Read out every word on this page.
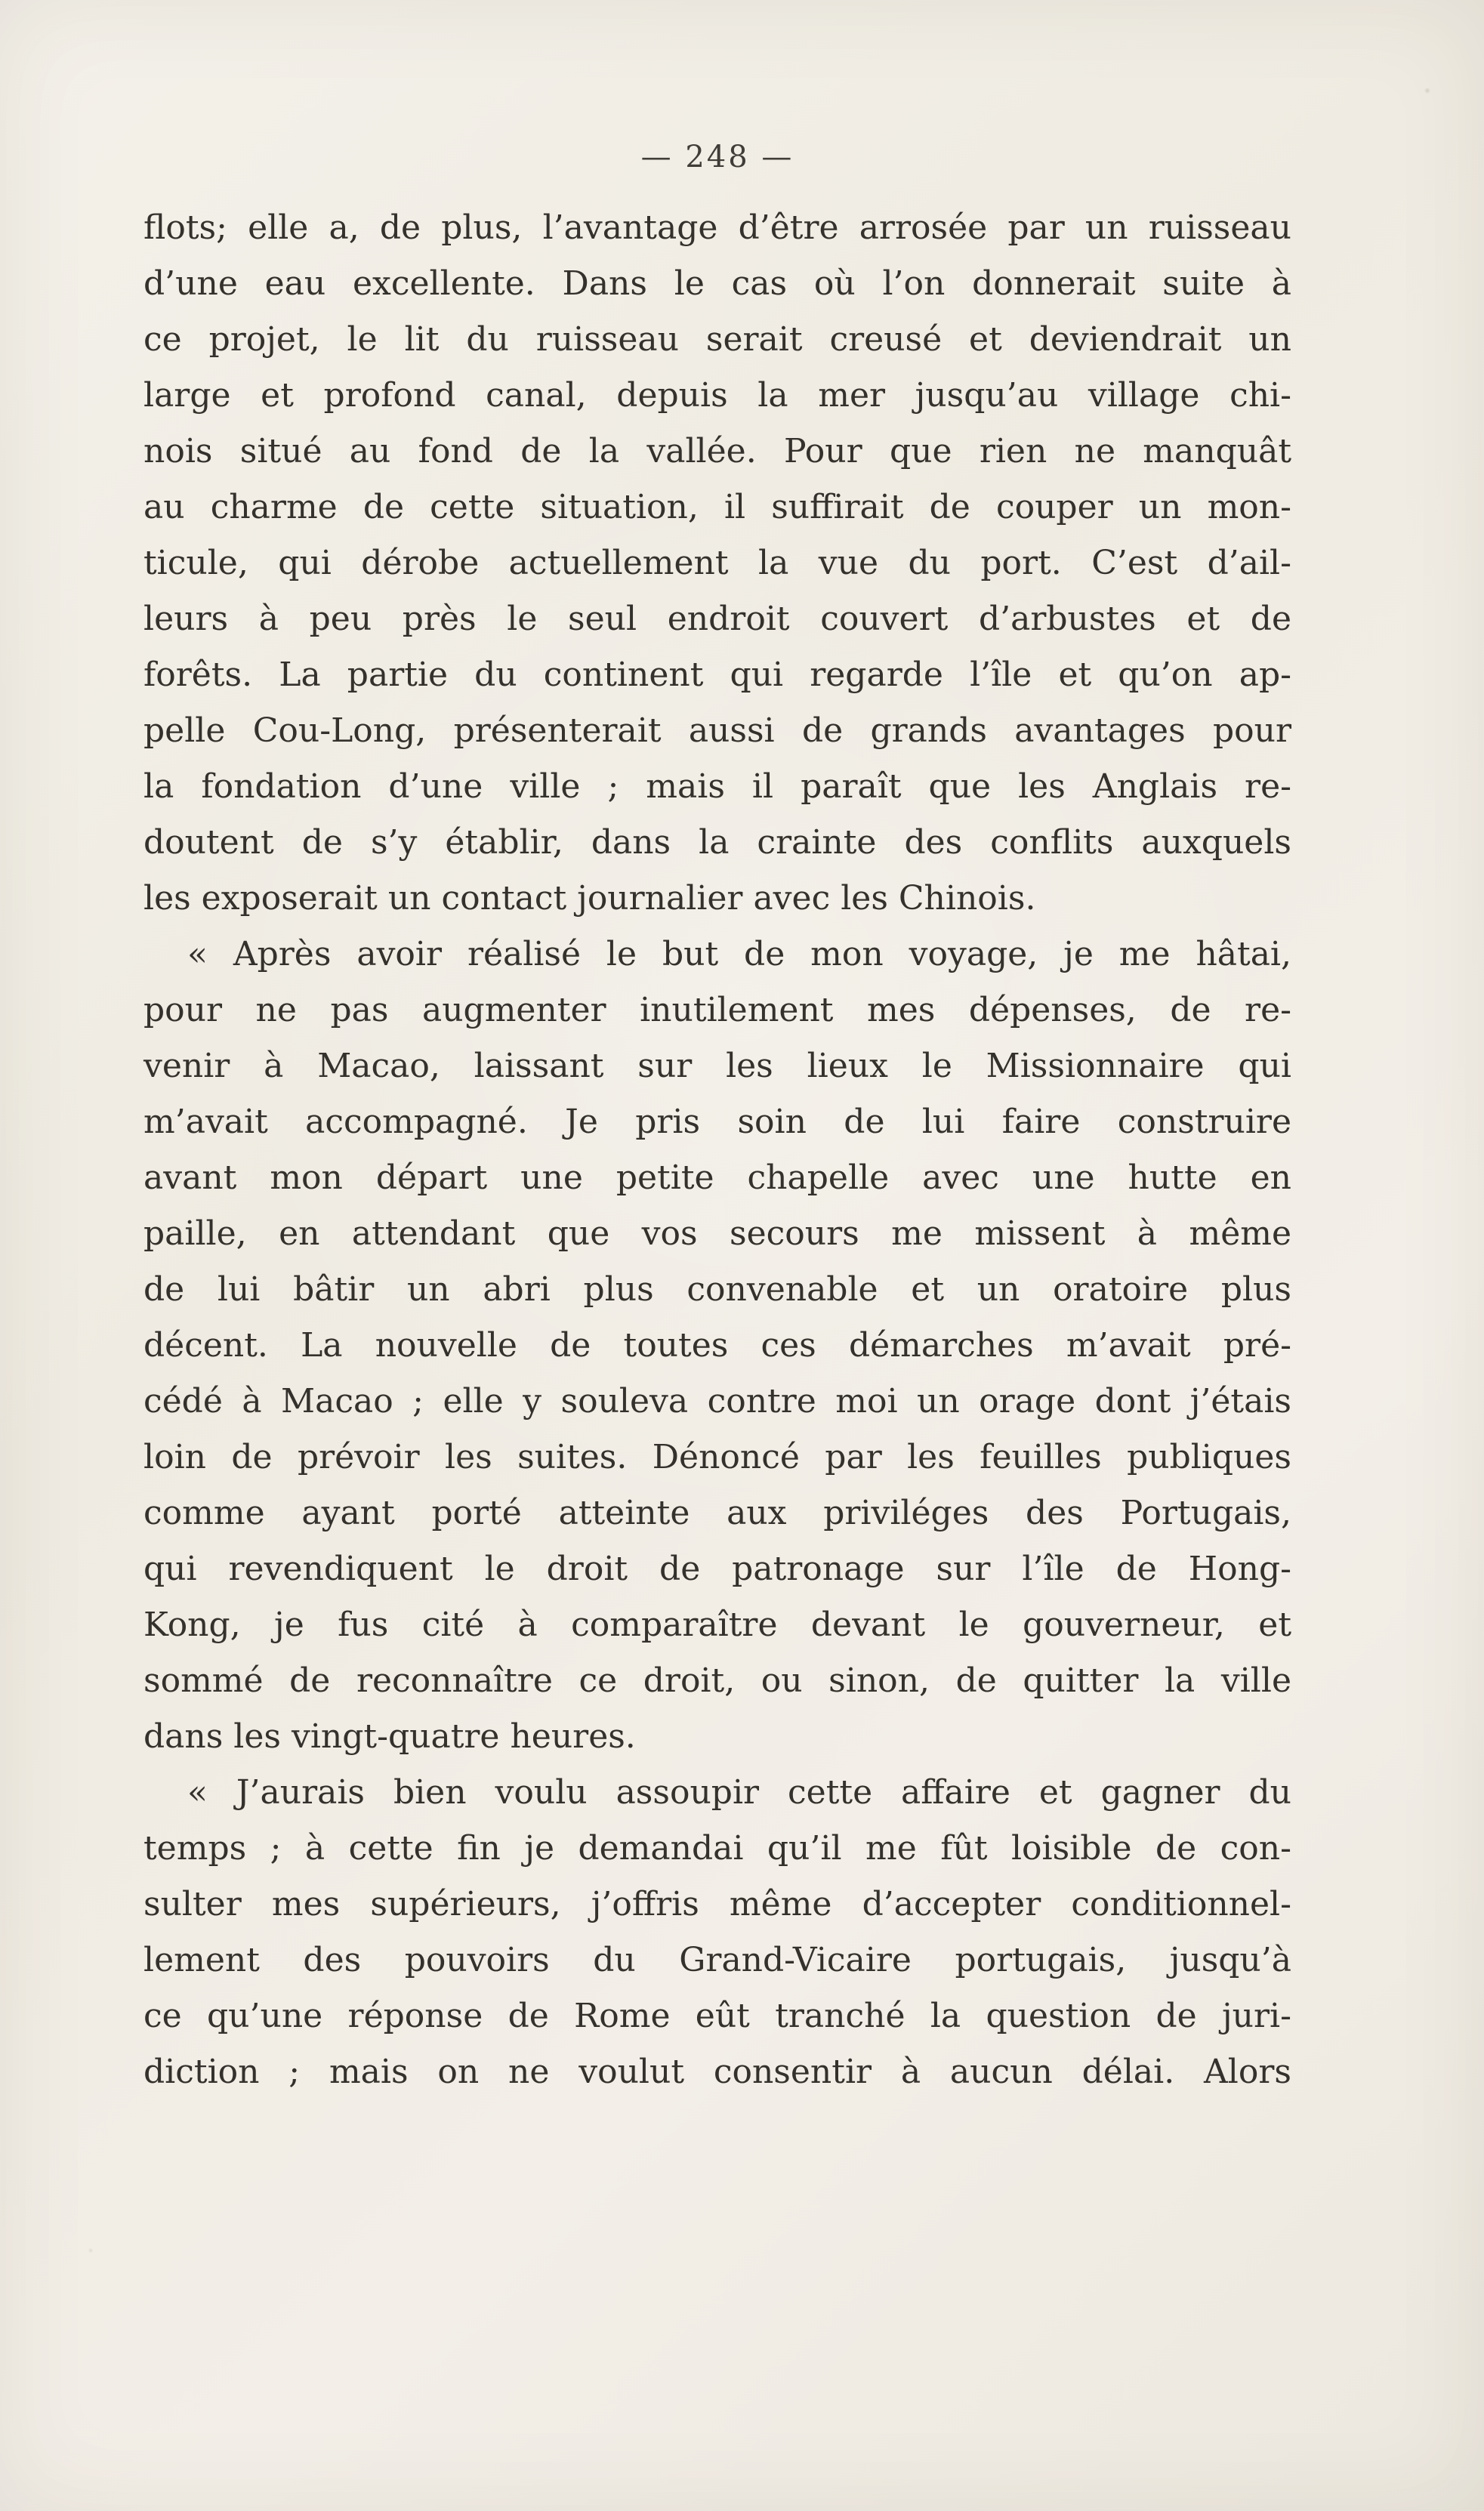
— 248 —
flots; elle a, de plus, l’avantage d’être arrosée par un ruisseau
d’une eau excellente. Dans le cas où l’on donnerait suite à
ce projet, le lit du ruisseau serait creusé et deviendrait un
large et profond canal, depuis la mer jusqu’au village chi-
nois situé au fond de la vallée. Pour que rien ne manquât
au charme de cette situation, il suffirait de couper un mon-
ticule, qui dérobe actuellement la vue du port. C’est d’ail-
leurs à peu près le seul endroit couvert d’arbustes et de
forêts. La partie du continent qui regarde l’île et qu’on ap-
pelle Cou-Long, présenterait aussi de grands avantages pour
la fondation d’une ville ; mais il paraît que les Anglais re-
doutent de s’y établir, dans la crainte des conflits auxquels
les exposerait un contact journalier avec les Chinois.
« Après avoir réalisé le but de mon voyage, je me hâtai,
pour ne pas augmenter inutilement mes dépenses, de re-
venir à Macao, laissant sur les lieux le Missionnaire qui
m’avait accompagné. Je pris soin de lui faire construire
avant mon départ une petite chapelle avec une hutte en
paille, en attendant que vos secours me missent à même
de lui bâtir un abri plus convenable et un oratoire plus
décent. La nouvelle de toutes ces démarches m’avait pré-
cédé à Macao ; elle y souleva contre moi un orage dont j’étais
loin de prévoir les suites. Dénoncé par les feuilles publiques
comme ayant porté atteinte aux priviléges des Portugais,
qui revendiquent le droit de patronage sur l’île de Hong-
Kong, je fus cité à comparaître devant le gouverneur, et
sommé de reconnaître ce droit, ou sinon, de quitter la ville
dans les vingt-quatre heures.
« J’aurais bien voulu assoupir cette affaire et gagner du
temps ; à cette fin je demandai qu’il me fût loisible de con-
sulter mes supérieurs, j’offris même d’accepter conditionnel-
lement des pouvoirs du Grand-Vicaire portugais, jusqu’à
ce qu’une réponse de Rome eût tranché la question de juri-
diction ; mais on ne voulut consentir à aucun délai. Alors
